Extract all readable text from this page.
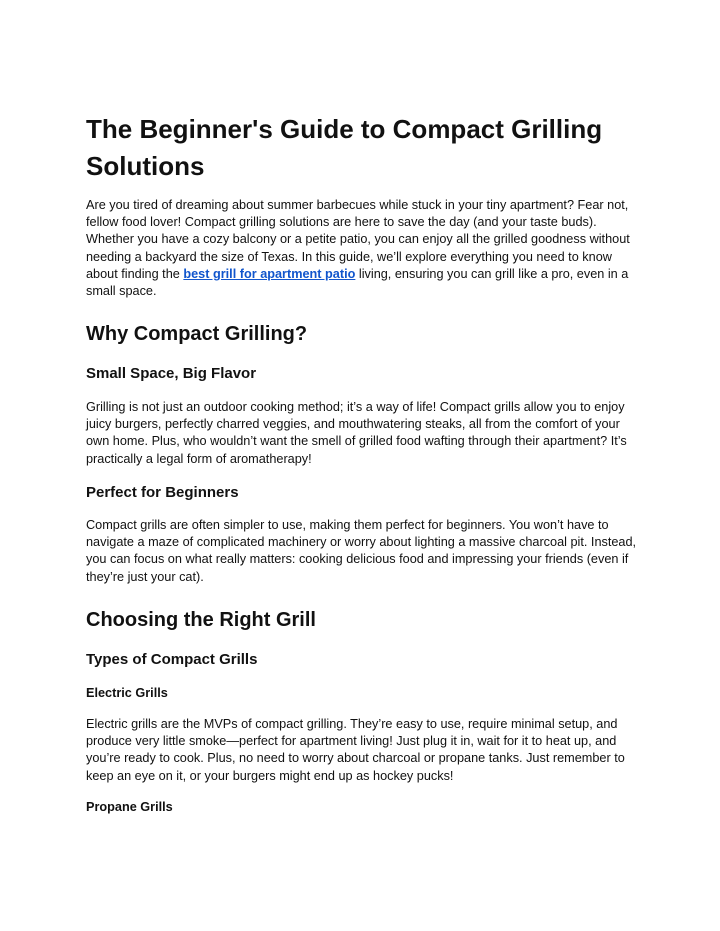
The Beginner's Guide to Compact Grilling Solutions

Are you tired of dreaming about summer barbecues while stuck in your tiny apartment? Fear not, fellow food lover! Compact grilling solutions are here to save the day (and your taste buds). Whether you have a cozy balcony or a petite patio, you can enjoy all the grilled goodness without needing a backyard the size of Texas. In this guide, we’ll explore everything you need to know about finding the best grill for apartment patio living, ensuring you can grill like a pro, even in a small space.

Why Compact Grilling?
Small Space, Big Flavor

Grilling is not just an outdoor cooking method; it’s a way of life! Compact grills allow you to enjoy juicy burgers, perfectly charred veggies, and mouthwatering steaks, all from the comfort of your own home. Plus, who wouldn’t want the smell of grilled food wafting through their apartment? It’s practically a legal form of aromatherapy!

Perfect for Beginners

Compact grills are often simpler to use, making them perfect for beginners. You won’t have to navigate a maze of complicated machinery or worry about lighting a massive charcoal pit. Instead, you can focus on what really matters: cooking delicious food and impressing your friends (even if they’re just your cat).

Choosing the Right Grill
Types of Compact Grills
Electric Grills

Electric grills are the MVPs of compact grilling. They’re easy to use, require minimal setup, and produce very little smoke—perfect for apartment living! Just plug it in, wait for it to heat up, and you’re ready to cook. Plus, no need to worry about charcoal or propane tanks. Just remember to keep an eye on it, or your burgers might end up as hockey pucks!

Propane Grills
